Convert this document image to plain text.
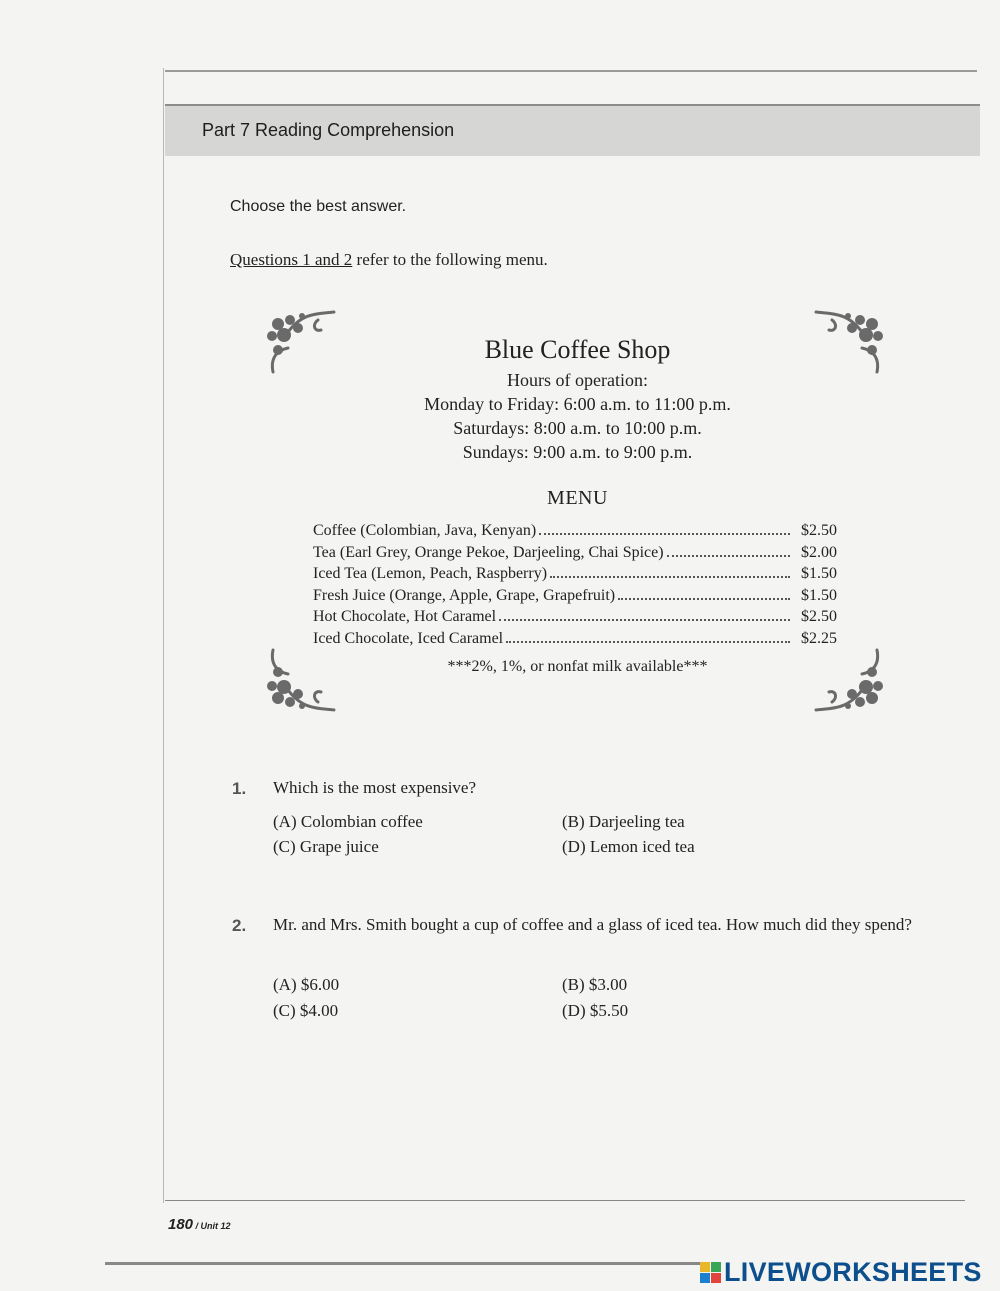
Part 7 Reading Comprehension
Choose the best answer.
Questions 1 and 2 refer to the following menu.
Blue Coffee Shop
Hours of operation:
Monday to Friday: 6:00 a.m. to 11:00 p.m.
Saturdays: 8:00 a.m. to 10:00 p.m.
Sundays: 9:00 a.m. to 9:00 p.m.
MENU
Coffee (Colombian, Java, Kenyan)	$2.50
Tea (Earl Grey, Orange Pekoe, Darjeeling, Chai Spice)	$2.00
Iced Tea (Lemon, Peach, Raspberry)	$1.50
Fresh Juice (Orange, Apple, Grape, Grapefruit)	$1.50
Hot Chocolate, Hot Caramel	$2.50
Iced Chocolate, Iced Caramel	$2.25
***2%, 1%, or nonfat milk available***
1. Which is the most expensive?
(A) Colombian coffee	(B) Darjeeling tea
(C) Grape juice	(D) Lemon iced tea
2. Mr. and Mrs. Smith bought a cup of coffee and a glass of iced tea. How much did they spend?
(A) $6.00	(B) $3.00
(C) $4.00	(D) $5.50
180 / Unit 12
LIVEWORKSHEETS
